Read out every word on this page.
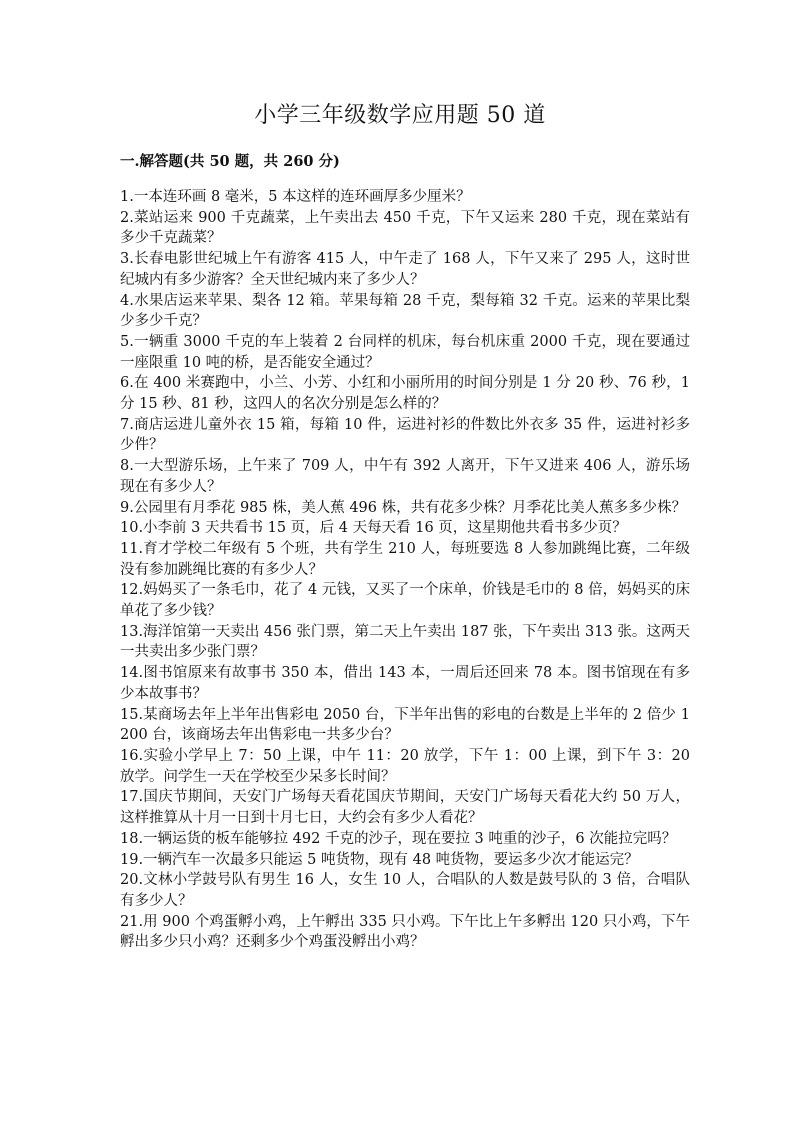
小学三年级数学应用题 50 道
一.解答题(共 50 题，共 260 分)
1.一本连环画 8 毫米，5 本这样的连环画厚多少厘米？
2.菜站运来 900 千克蔬菜，上午卖出去 450 千克，下午又运来 280 千克，现在菜站有多少千克蔬菜？
3.长春电影世纪城上午有游客 415 人，中午走了 168 人，下午又来了 295 人，这时世纪城内有多少游客？全天世纪城内来了多少人？
4.水果店运来苹果、梨各 12 箱。苹果每箱 28 千克，梨每箱 32 千克。运来的苹果比梨少多少千克？
5.一辆重 3000 千克的车上装着 2 台同样的机床，每台机床重 2000 千克，现在要通过一座限重 10 吨的桥，是否能安全通过？
6.在 400 米赛跑中，小兰、小芳、小红和小丽所用的时间分别是 1 分 20 秒、76 秒，1 分 15 秒、81 秒，这四人的名次分别是怎么样的？
7.商店运进儿童外衣 15 箱，每箱 10 件，运进衬衫的件数比外衣多 35 件，运进衬衫多少件？
8.一大型游乐场，上午来了 709 人，中午有 392 人离开，下午又进来 406 人，游乐场现在有多少人？
9.公园里有月季花 985 株，美人蕉 496 株，共有花多少株？月季花比美人蕉多多少株？
10.小李前 3 天共看书 15 页，后 4 天每天看 16 页，这星期他共看书多少页？
11.育才学校二年级有 5 个班，共有学生 210 人，每班要选 8 人参加跳绳比赛，二年级没有参加跳绳比赛的有多少人？
12.妈妈买了一条毛巾，花了 4 元钱，又买了一个床单，价钱是毛巾的 8 倍，妈妈买的床单花了多少钱？
13.海洋馆第一天卖出 456 张门票，第二天上午卖出 187 张，下午卖出 313 张。这两天一共卖出多少张门票？
14.图书馆原来有故事书 350 本，借出 143 本，一周后还回来 78 本。图书馆现在有多少本故事书？
15.某商场去年上半年出售彩电 2050 台，下半年出售的彩电的台数是上半年的 2 倍少 1200 台，该商场去年出售彩电一共多少台？
16.实验小学早上 7：50 上课，中午 11：20 放学，下午 1：00 上课，到下午 3：20 放学。问学生一天在学校至少呆多长时间？
17.国庆节期间，天安门广场每天看花国庆节期间，天安门广场每天看花大约 50 万人，这样推算从十月一日到十月七日，大约会有多少人看花？
18.一辆运货的板车能够拉 492 千克的沙子，现在要拉 3 吨重的沙子，6 次能拉完吗？
19.一辆汽车一次最多只能运 5 吨货物，现有 48 吨货物，要运多少次才能运完？
20.文林小学鼓号队有男生 16 人，女生 10 人，合唱队的人数是鼓号队的 3 倍，合唱队有多少人？
21.用 900 个鸡蛋孵小鸡，上午孵出 335 只小鸡。下午比上午多孵出 120 只小鸡，下午孵出多少只小鸡？还剩多少个鸡蛋没孵出小鸡？
